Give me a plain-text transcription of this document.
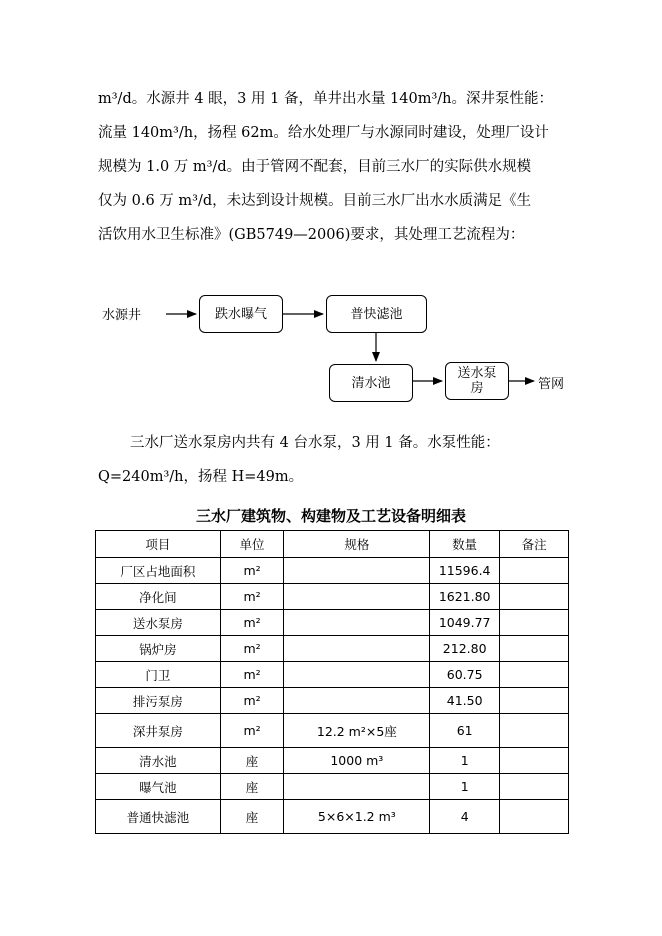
m³/d。水源井 4 眼，3 用 1 备，单井出水量 140m³/h。深井泵性能：

流量 140m³/h，扬程 62m。给水处理厂与水源同时建设，处理厂设计

规模为 1.0 万 m³/d。由于管网不配套，目前三水厂的实际供水规模

仅为 0.6 万 m³/d，未达到设计规模。目前三水厂出水水质满足《生

活饮用水卫生标准》(GB5749—2006)要求，其处理工艺流程为：

水源井	跌水曝气	普快滤池
清水池
送水泵
房	管网

三水厂送水泵房内共有 4 台水泵，3 用 1 备。水泵性能：

Q=240m³/h，扬程 H=49m。

三水厂建筑物、构建物及工艺设备明细表
项目	单位	规格	数量	备注
厂区占地面积	m²		11596.4	
净化间	m²		1621.80	
送水泵房	m²		1049.77	
锅炉房	m²		212.80	
门卫	m²		60.75	
排污泵房	m²		41.50	
深井泵房	m²	12.2 m²×5座	61	
清水池	座	1000 m³	1	
曝气池	座		1	
普通快滤池	座	5×6×1.2 m³	4	
